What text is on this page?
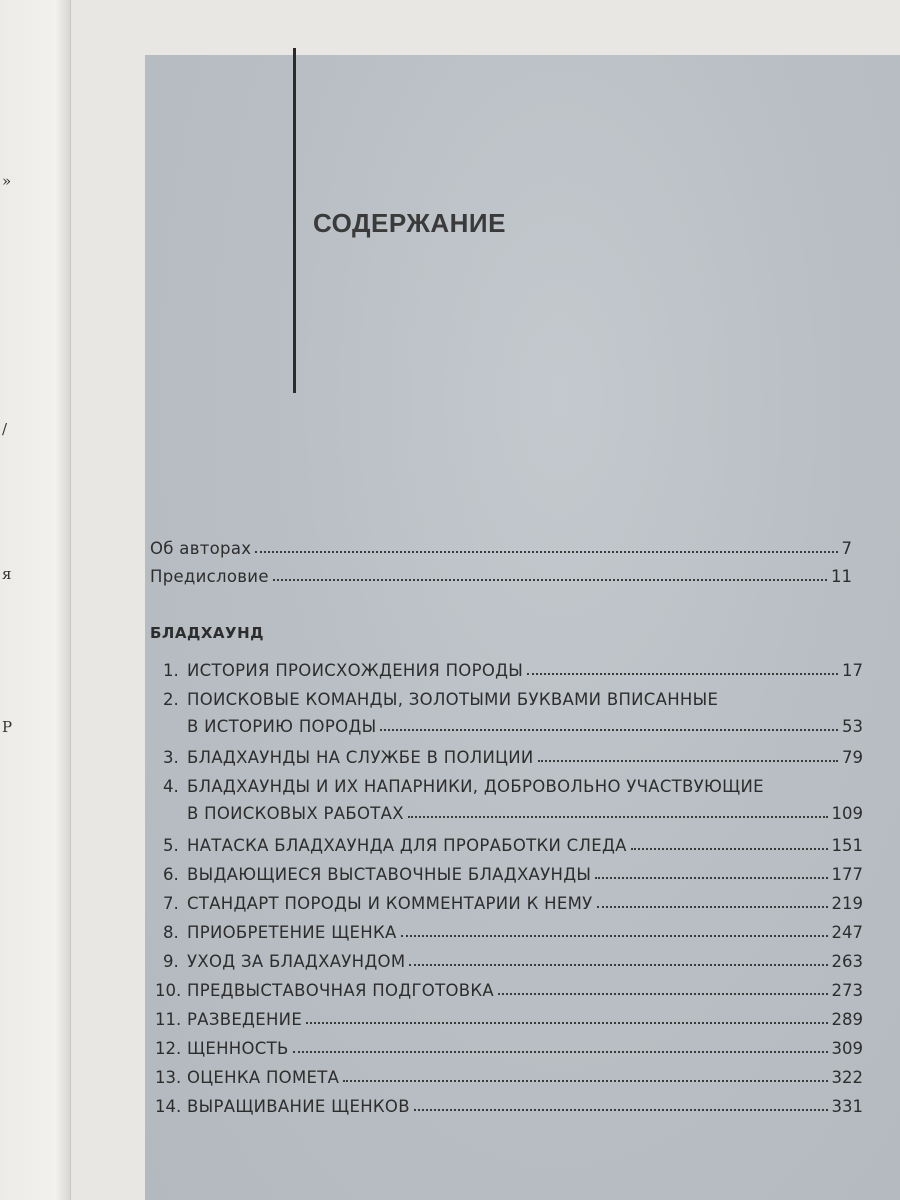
»
/
я
Р
СОДЕРЖАНИЕ
Об авторах	7
Предисловие	11
БЛАДХАУНД
1. ИСТОРИЯ ПРОИСХОЖДЕНИЯ ПОРОДЫ	17
2. ПОИСКОВЫЕ КОМАНДЫ, ЗОЛОТЫМИ БУКВАМИ ВПИСАННЫЕ
В ИСТОРИЮ ПОРОДЫ	53
3. БЛАДХАУНДЫ НА СЛУЖБЕ В ПОЛИЦИИ	79
4. БЛАДХАУНДЫ И ИХ НАПАРНИКИ, ДОБРОВОЛЬНО УЧАСТВУЮЩИЕ
В ПОИСКОВЫХ РАБОТАХ	109
5. НАТАСКА БЛАДХАУНДА ДЛЯ ПРОРАБОТКИ СЛЕДА	151
6. ВЫДАЮЩИЕСЯ ВЫСТАВОЧНЫЕ БЛАДХАУНДЫ	177
7. СТАНДАРТ ПОРОДЫ И КОММЕНТАРИИ К НЕМУ	219
8. ПРИОБРЕТЕНИЕ ЩЕНКА	247
9. УХОД ЗА БЛАДХАУНДОМ	263
10. ПРЕДВЫСТАВОЧНАЯ ПОДГОТОВКА	273
11. РАЗВЕДЕНИЕ	289
12. ЩЕННОСТЬ	309
13. ОЦЕНКА ПОМЕТА	322
14. ВЫРАЩИВАНИЕ ЩЕНКОВ	331
